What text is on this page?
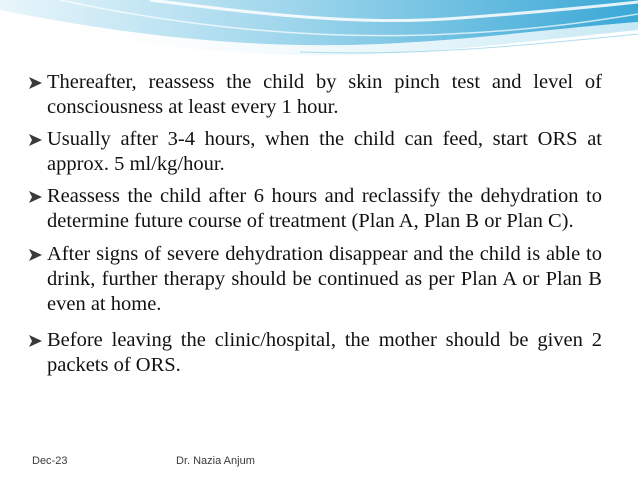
Thereafter, reassess the child by skin pinch test and level of consciousness at least every 1 hour.
Usually after 3-4 hours, when the child can feed, start ORS at approx. 5 ml/kg/hour.
Reassess the child after 6 hours and reclassify the dehydration to determine future course of treatment (Plan A, Plan B or Plan C).
After signs of severe dehydration disappear and the child is able to drink, further therapy should be continued as per Plan A or Plan B even at home.
Before leaving the clinic/hospital, the mother should be given 2 packets of ORS.
Dec-23	Dr. Nazia Anjum
